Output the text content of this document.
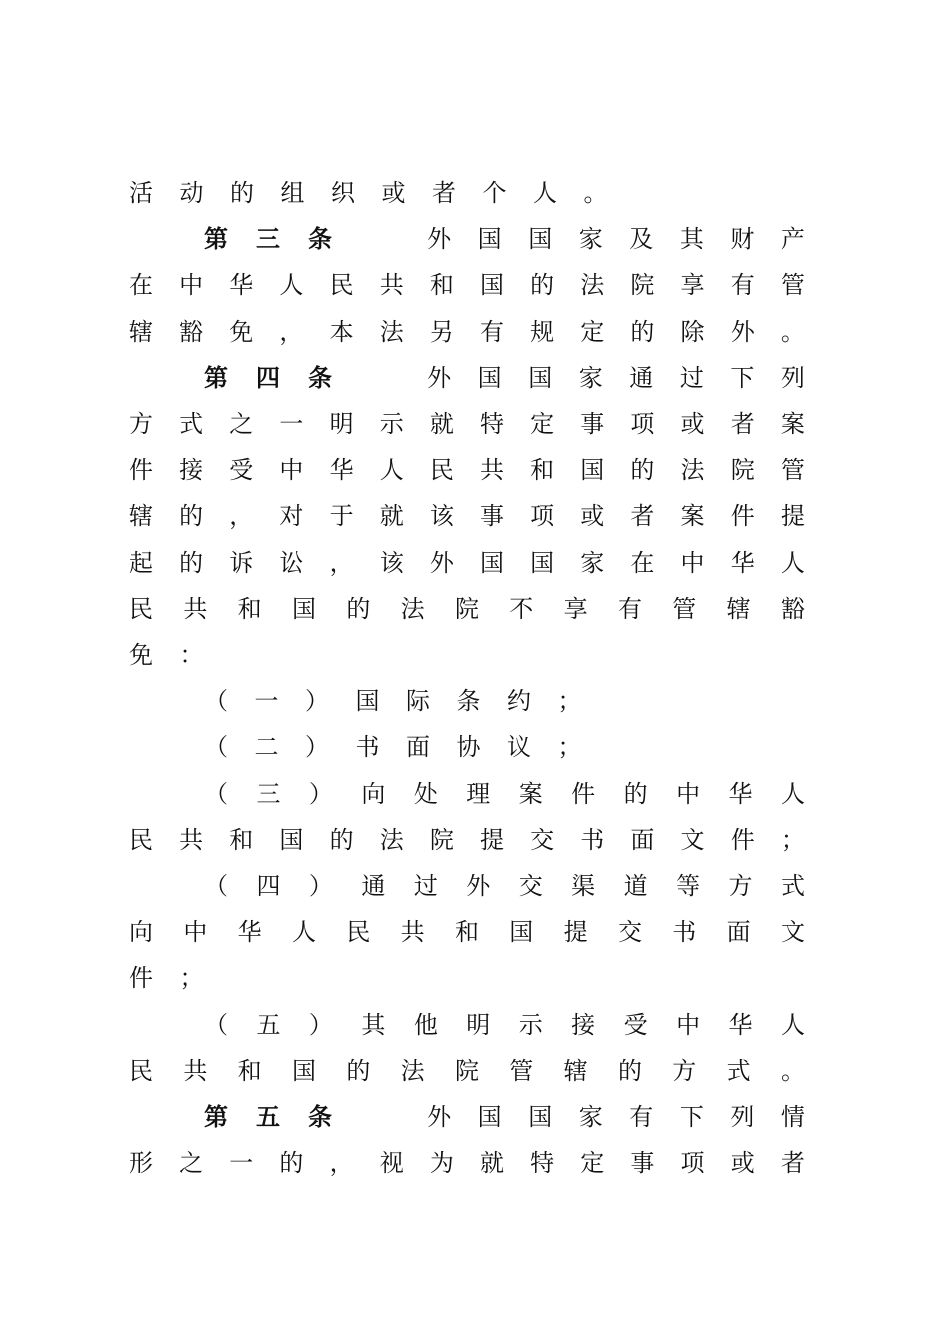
活 动 的 组 织 或 者 个 人 。
第 三 条	外 国 国 家 及 其 财 产
在 中 华 人 民 共 和 国 的 法 院 享 有 管
辖 豁 免 ， 本 法 另 有 规 定 的 除 外 。
第 四 条	外 国 国 家 通 过 下 列
方 式 之 一 明 示 就 特 定 事 项 或 者 案
件 接 受 中 华 人 民 共 和 国 的 法 院 管
辖 的 ， 对 于 就 该 事 项 或 者 案 件 提
起 的 诉 讼 ， 该 外 国 国 家 在 中 华 人
民 共 和 国 的 法 院 不 享 有 管 辖 豁
免 ：
（ 一 ） 国 际 条 约 ；
（ 二 ） 书 面 协 议 ；
（ 三 ） 向 处 理 案 件 的 中 华 人
民 共 和 国 的 法 院 提 交 书 面 文 件 ；
（ 四 ） 通 过 外 交 渠 道 等 方 式
向 中 华 人 民 共 和 国 提 交 书 面 文
件 ；
（ 五 ） 其 他 明 示 接 受 中 华 人
民 共 和 国 的 法 院 管 辖 的 方 式 。
第 五 条	外 国 国 家 有 下 列 情
形 之 一 的 ， 视 为 就 特 定 事 项 或 者
